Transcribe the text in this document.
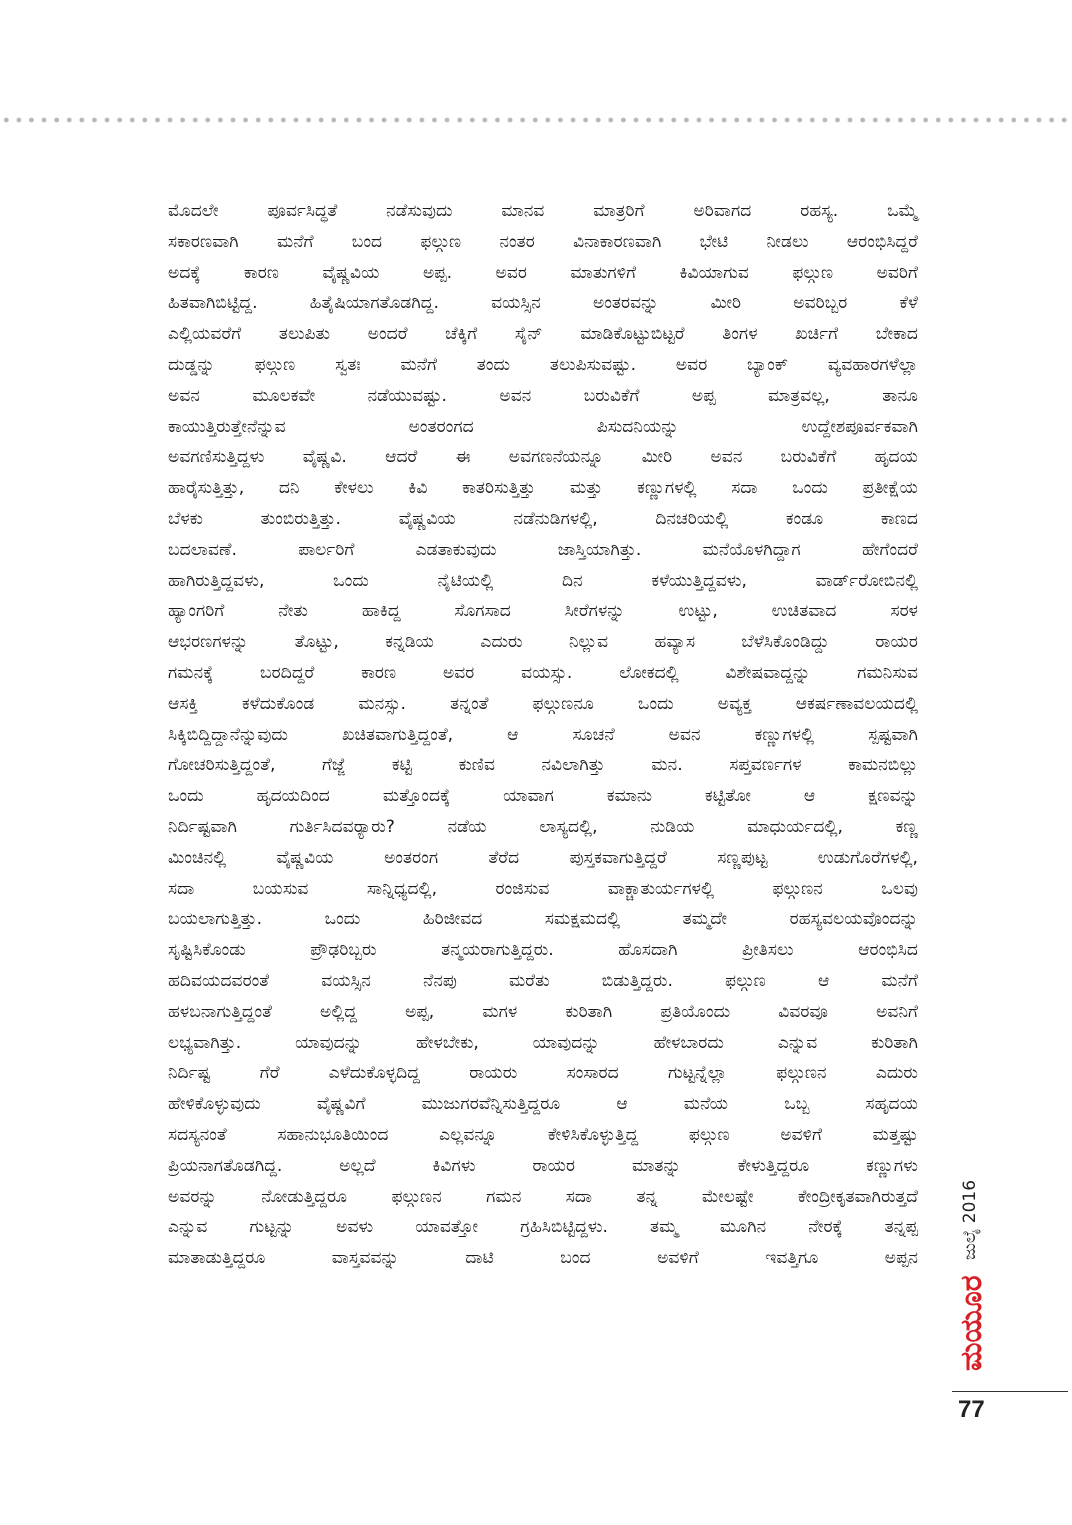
ಮೊದಲೇ ಪೂರ್ವಸಿದ್ಧತೆ ನಡೆಸುವುದು ಮಾನವ ಮಾತ್ರರಿಗೆ ಅರಿವಾಗದ ರಹಸ್ಯ. ಒಮ್ಮೆ
ಸಕಾರಣವಾಗಿ ಮನೆಗೆ ಬಂದ ಫಲ್ಗುಣ ನಂತರ ವಿನಾಕಾರಣವಾಗಿ ಭೇಟಿ ನೀಡಲು ಆರಂಭಿಸಿದ್ದರೆ
ಅದಕ್ಕೆ ಕಾರಣ ವೈಷ್ಣವಿಯ ಅಪ್ಪ. ಅವರ ಮಾತುಗಳಿಗೆ ಕಿವಿಯಾಗುವ ಫಲ್ಗುಣ ಅವರಿಗೆ
ಹಿತವಾಗಿಬಿಟ್ಟಿದ್ದ. ಹಿತೈಷಿಯಾಗತೊಡಗಿದ್ದ. ವಯಸ್ಸಿನ ಅಂತರವನ್ನು ಮೀರಿ ಅವರಿಬ್ಬರ ಕೆಳೆ
ಎಲ್ಲಿಯವರೆಗೆ ತಲುಪಿತು ಅಂದರೆ ಚೆಕ್ಕಿಗೆ ಸೈನ್ ಮಾಡಿಕೊಟ್ಟುಬಿಟ್ಟರೆ ತಿಂಗಳ ಖರ್ಚಿಗೆ ಬೇಕಾದ
ದುಡ್ಡನ್ನು ಫಲ್ಗುಣ ಸ್ವತಃ ಮನೆಗೆ ತಂದು ತಲುಪಿಸುವಷ್ಟು. ಅವರ ಬ್ಯಾಂಕ್ ವ್ಯವಹಾರಗಳೆಲ್ಲಾ
ಅವನ ಮೂಲಕವೇ ನಡೆಯುವಷ್ಟು. ಅವನ ಬರುವಿಕೆಗೆ ಅಪ್ಪ ಮಾತ್ರವಲ್ಲ, ತಾನೂ
ಕಾಯುತ್ತಿರುತ್ತೇನೆನ್ನುವ ಅಂತರಂಗದ ಪಿಸುದನಿಯನ್ನು ಉದ್ದೇಶಪೂರ್ವಕವಾಗಿ
ಅವಗಣಿಸುತ್ತಿದ್ದಳು ವೈಷ್ಣವಿ. ಆದರೆ ಈ ಅವಗಣನೆಯನ್ನೂ ಮೀರಿ ಅವನ ಬರುವಿಕೆಗೆ ಹೃದಯ
ಹಾರೈಸುತ್ತಿತ್ತು, ದನಿ ಕೇಳಲು ಕಿವಿ ಕಾತರಿಸುತ್ತಿತ್ತು ಮತ್ತು ಕಣ್ಣುಗಳಲ್ಲಿ ಸದಾ ಒಂದು ಪ್ರತೀಕ್ಷೆಯ
ಬೆಳಕು ತುಂಬಿರುತ್ತಿತ್ತು. ವೈಷ್ಣವಿಯ ನಡೆನುಡಿಗಳಲ್ಲಿ, ದಿನಚರಿಯಲ್ಲಿ ಕಂಡೂ ಕಾಣದ
ಬದಲಾವಣೆ. ಪಾರ್ಲರಿಗೆ ಎಡತಾಕುವುದು ಜಾಸ್ತಿಯಾಗಿತ್ತು. ಮನೆಯೊಳಗಿದ್ದಾಗ ಹೇಗೆಂದರೆ
ಹಾಗಿರುತ್ತಿದ್ದವಳು, ಒಂದು ನೈಟಿಯಲ್ಲಿ ದಿನ ಕಳೆಯುತ್ತಿದ್ದವಳು, ವಾರ್ಡ್‌ರೋಬಿನಲ್ಲಿ
ಹ್ಯಾಂಗರಿಗೆ ನೇತು ಹಾಕಿದ್ದ ಸೊಗಸಾದ ಸೀರೆಗಳನ್ನು ಉಟ್ಟು, ಉಚಿತವಾದ ಸರಳ
ಆಭರಣಗಳನ್ನು ತೊಟ್ಟು, ಕನ್ನಡಿಯ ಎದುರು ನಿಲ್ಲುವ ಹವ್ಯಾಸ ಬೆಳೆಸಿಕೊಂಡಿದ್ದು ರಾಯರ
ಗಮನಕ್ಕೆ ಬರದಿದ್ದರೆ ಕಾರಣ ಅವರ ವಯಸ್ಸು. ಲೋಕದಲ್ಲಿ ವಿಶೇಷವಾದ್ದನ್ನು ಗಮನಿಸುವ
ಆಸಕ್ತಿ ಕಳೆದುಕೊಂಡ ಮನಸ್ಸು. ತನ್ನಂತೆ ಫಲ್ಗುಣನೂ ಒಂದು ಅವ್ಯಕ್ತ ಆಕರ್ಷಣಾವಲಯದಲ್ಲಿ
ಸಿಕ್ಕಿಬಿದ್ದಿದ್ದಾನೆನ್ನುವುದು ಖಚಿತವಾಗುತ್ತಿದ್ದಂತೆ, ಆ ಸೂಚನೆ ಅವನ ಕಣ್ಣುಗಳಲ್ಲಿ ಸ್ಪಷ್ಟವಾಗಿ
ಗೋಚರಿಸುತ್ತಿದ್ದಂತೆ, ಗೆಜ್ಜೆ ಕಟ್ಟಿ ಕುಣಿವ ನವಿಲಾಗಿತ್ತು ಮನ. ಸಪ್ತವರ್ಣಗಳ ಕಾಮನಬಿಲ್ಲು
ಒಂದು ಹೃದಯದಿಂದ ಮತ್ತೊಂದಕ್ಕೆ ಯಾವಾಗ ಕಮಾನು ಕಟ್ಟಿತೋ ಆ ಕ್ಷಣವನ್ನು
ನಿರ್ದಿಷ್ಟವಾಗಿ ಗುರ್ತಿಸಿದವರ್‍ಯಾರು? ನಡೆಯ ಲಾಸ್ಯದಲ್ಲಿ, ನುಡಿಯ ಮಾಧುರ್ಯದಲ್ಲಿ, ಕಣ್ಣ
ಮಿಂಚಿನಲ್ಲಿ ವೈಷ್ಣವಿಯ ಅಂತರಂಗ ತೆರೆದ ಪುಸ್ತಕವಾಗುತ್ತಿದ್ದರೆ ಸಣ್ಣಪುಟ್ಟ ಉಡುಗೊರೆಗಳಲ್ಲಿ,
ಸದಾ ಬಯಸುವ ಸಾನ್ನಿಧ್ಯದಲ್ಲಿ, ರಂಜಿಸುವ ವಾಕ್ಚಾತುರ್ಯಗಳಲ್ಲಿ ಫಲ್ಗುಣನ ಒಲವು
ಬಯಲಾಗುತ್ತಿತ್ತು. ಒಂದು ಹಿರಿಜೀವದ ಸಮಕ್ಷಮದಲ್ಲಿ ತಮ್ಮದೇ ರಹಸ್ಯವಲಯವೊಂದನ್ನು
ಸೃಷ್ಟಿಸಿಕೊಂಡು ಪ್ರೌಢರಿಬ್ಬರು ತನ್ಮಯರಾಗುತ್ತಿದ್ದರು. ಹೊಸದಾಗಿ ಪ್ರೀತಿಸಲು ಆರಂಭಿಸಿದ
ಹದಿವಯದವರಂತೆ ವಯಸ್ಸಿನ ನೆನಪು ಮರೆತು ಬಿಡುತ್ತಿದ್ದರು. ಫಲ್ಗುಣ ಆ ಮನೆಗೆ
ಹಳಬನಾಗುತ್ತಿದ್ದಂತೆ ಅಲ್ಲಿದ್ದ ಅಪ್ಪ, ಮಗಳ ಕುರಿತಾಗಿ ಪ್ರತಿಯೊಂದು ವಿವರವೂ ಅವನಿಗೆ
ಲಭ್ಯವಾಗಿತ್ತು. ಯಾವುದನ್ನು ಹೇಳಬೇಕು, ಯಾವುದನ್ನು ಹೇಳಬಾರದು ಎನ್ನುವ ಕುರಿತಾಗಿ
ನಿರ್ದಿಷ್ಟ ಗೆರೆ ಎಳೆದುಕೊಳ್ಳದಿದ್ದ ರಾಯರು ಸಂಸಾರದ ಗುಟ್ಟನ್ನೆಲ್ಲಾ ಫಲ್ಗುಣನ ಎದುರು
ಹೇಳಿಕೊಳ್ಳುವುದು ವೈಷ್ಣವಿಗೆ ಮುಜುಗರವೆನ್ನಿಸುತ್ತಿದ್ದರೂ ಆ ಮನೆಯ ಒಬ್ಬ ಸಹೃದಯ
ಸದಸ್ಯನಂತೆ ಸಹಾನುಭೂತಿಯಿಂದ ಎಲ್ಲವನ್ನೂ ಕೇಳಿಸಿಕೊಳ್ಳುತ್ತಿದ್ದ ಫಲ್ಗುಣ ಅವಳಿಗೆ ಮತ್ತಷ್ಟು
ಪ್ರಿಯನಾಗತೊಡಗಿದ್ದ. ಅಲ್ಲದೆ ಕಿವಿಗಳು ರಾಯರ ಮಾತನ್ನು ಕೇಳುತ್ತಿದ್ದರೂ ಕಣ್ಣುಗಳು
ಅವರನ್ನು ನೋಡುತ್ತಿದ್ದರೂ ಫಲ್ಗುಣನ ಗಮನ ಸದಾ ತನ್ನ ಮೇಲಷ್ಟೇ ಕೇಂದ್ರೀಕೃತವಾಗಿರುತ್ತದೆ
ಎನ್ನುವ ಗುಟ್ಟನ್ನು ಅವಳು ಯಾವತ್ತೋ ಗ್ರಹಿಸಿಬಿಟ್ಟಿದ್ದಳು. ತಮ್ಮ ಮೂಗಿನ ನೇರಕ್ಕೆ ತನ್ನಪ್ಪ
ಮಾತಾಡುತ್ತಿದ್ದರೂ ವಾಸ್ತವವನ್ನು ದಾಟಿ ಬಂದ ಅವಳಿಗೆ ಇವತ್ತಿಗೂ ಅಪ್ಪನ ಜುಲೈ 2016
ಮಯೂರ
77
